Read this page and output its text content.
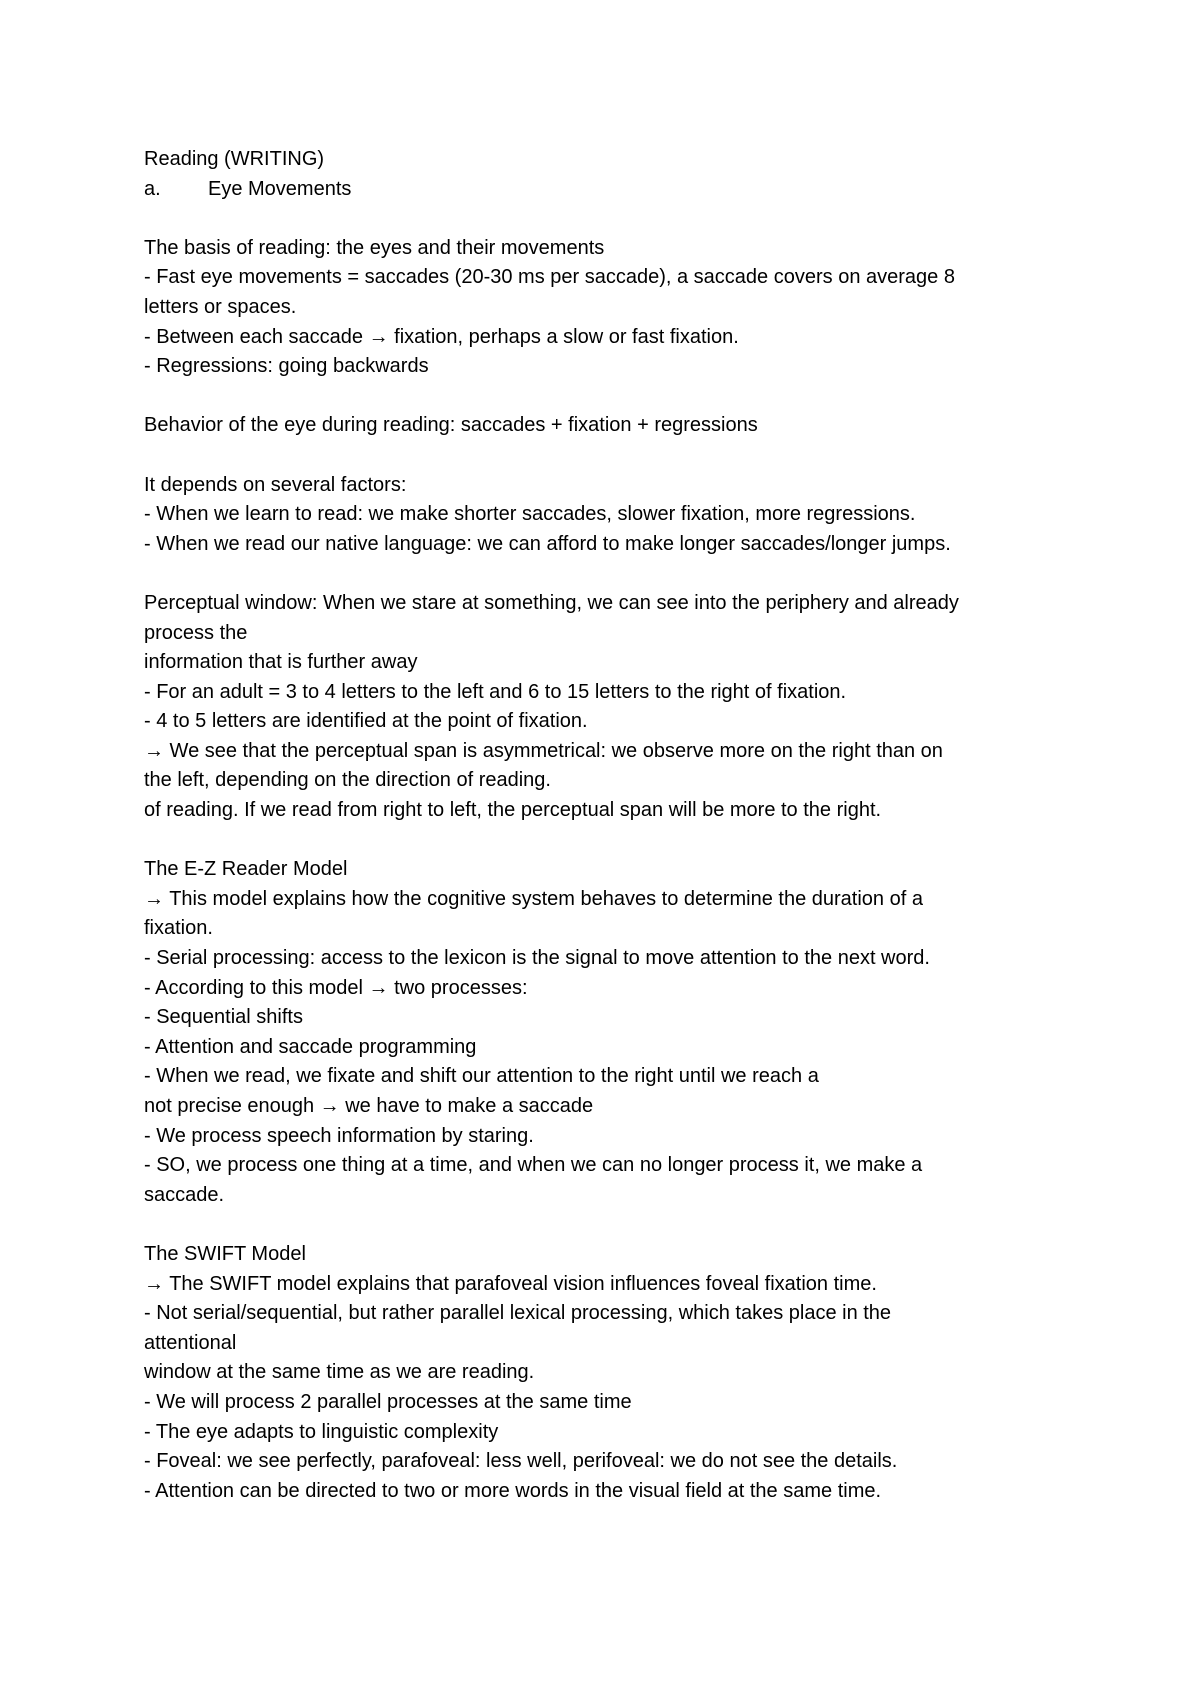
Reading (WRITING)

a.	Eye Movements

The basis of reading: the eyes and their movements

- Fast eye movements = saccades (20-30 ms per saccade), a saccade covers on average 8

letters or spaces.

- Between each saccade → fixation, perhaps a slow or fast fixation.

- Regressions: going backwards

Behavior of the eye during reading: saccades + fixation + regressions

It depends on several factors:

- When we learn to read: we make shorter saccades, slower fixation, more regressions.

- When we read our native language: we can afford to make longer saccades/longer jumps.

Perceptual window: When we stare at something, we can see into the periphery and already

process the

information that is further away

- For an adult = 3 to 4 letters to the left and 6 to 15 letters to the right of fixation.

- 4 to 5 letters are identified at the point of fixation.

→ We see that the perceptual span is asymmetrical: we observe more on the right than on

the left, depending on the direction of reading.

of reading. If we read from right to left, the perceptual span will be more to the right.

The E-Z Reader Model

→ This model explains how the cognitive system behaves to determine the duration of a

fixation.

- Serial processing: access to the lexicon is the signal to move attention to the next word.

- According to this model → two processes:

- Sequential shifts

- Attention and saccade programming

- When we read, we fixate and shift our attention to the right until we reach a

not precise enough → we have to make a saccade

- We process speech information by staring.

- SO, we process one thing at a time, and when we can no longer process it, we make a

saccade.

The SWIFT Model

→ The SWIFT model explains that parafoveal vision influences foveal fixation time.

- Not serial/sequential, but rather parallel lexical processing, which takes place in the

attentional

window at the same time as we are reading.

- We will process 2 parallel processes at the same time

- The eye adapts to linguistic complexity

- Foveal: we see perfectly, parafoveal: less well, perifoveal: we do not see the details.

- Attention can be directed to two or more words in the visual field at the same time.
